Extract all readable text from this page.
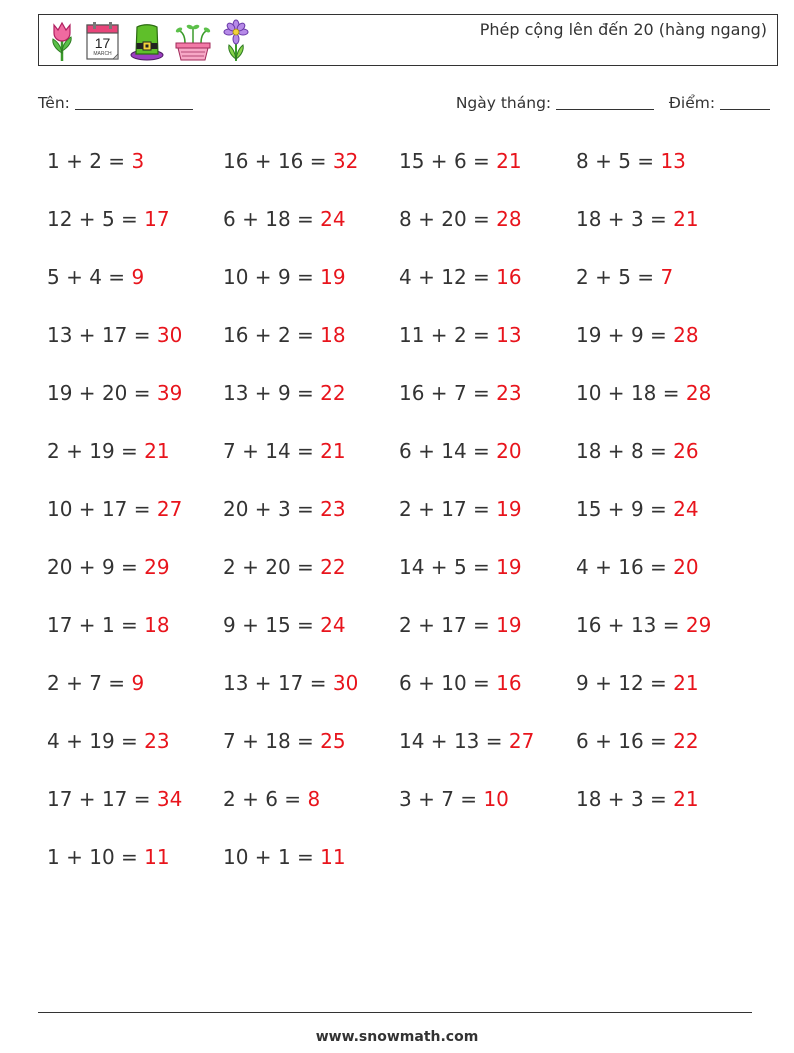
17
MARCH
Phép cộng lên đến 20 (hàng ngang)
Tên:	Ngày tháng:	Điểm:
1 + 2 = 3	16 + 16 = 32	15 + 6 = 21	8 + 5 = 13
12 + 5 = 17	6 + 18 = 24	8 + 20 = 28	18 + 3 = 21
5 + 4 = 9	10 + 9 = 19	4 + 12 = 16	2 + 5 = 7
13 + 17 = 30	16 + 2 = 18	11 + 2 = 13	19 + 9 = 28
19 + 20 = 39	13 + 9 = 22	16 + 7 = 23	10 + 18 = 28
2 + 19 = 21	7 + 14 = 21	6 + 14 = 20	18 + 8 = 26
10 + 17 = 27	20 + 3 = 23	2 + 17 = 19	15 + 9 = 24
20 + 9 = 29	2 + 20 = 22	14 + 5 = 19	4 + 16 = 20
17 + 1 = 18	9 + 15 = 24	2 + 17 = 19	16 + 13 = 29
2 + 7 = 9	13 + 17 = 30	6 + 10 = 16	9 + 12 = 21
4 + 19 = 23	7 + 18 = 25	14 + 13 = 27	6 + 16 = 22
17 + 17 = 34	2 + 6 = 8	3 + 7 = 10	18 + 3 = 21
1 + 10 = 11	10 + 1 = 11
www.snowmath.com
